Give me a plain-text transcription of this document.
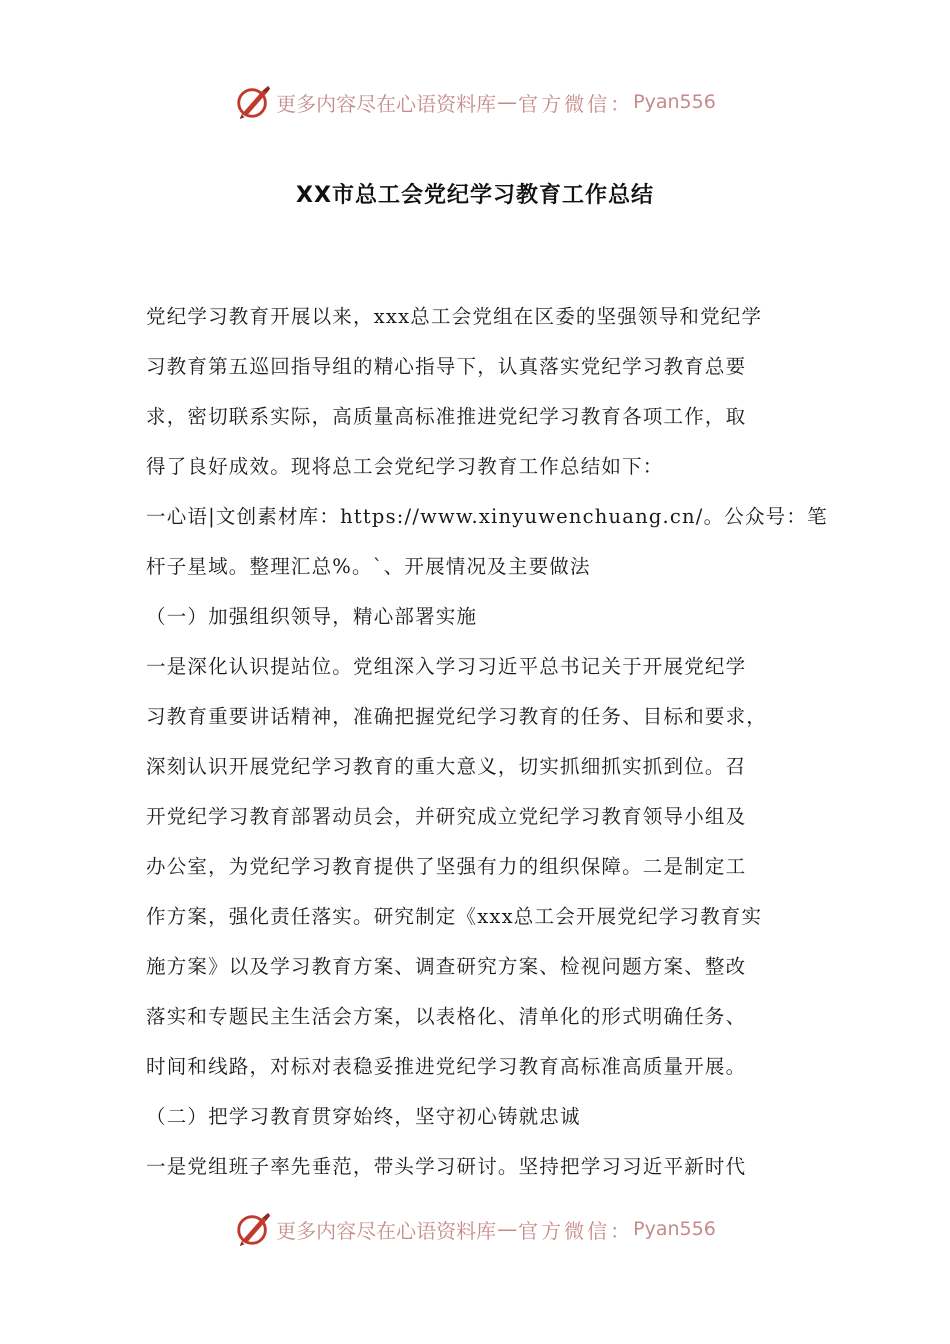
更多内容尽在心语资料库 — 官方微信： Pyan556
XX市总工会党纪学习教育工作总结
党纪学习教育开展以来，xxx总工会党组在区委的坚强领导和党纪学
习教育第五巡回指导组的精心指导下，认真落实党纪学习教育总要
求，密切联系实际，高质量高标准推进党纪学习教育各项工作，取
得了良好成效。现将总工会党纪学习教育工作总结如下：
一心语|文创素材库：https://www.xinyuwenchuang.cn/。公众号：笔
杆子星域。整理汇总%。`、开展情况及主要做法
（一）加强组织领导，精心部署实施
一是深化认识提站位。党组深入学习习近平总书记关于开展党纪学
习教育重要讲话精神，准确把握党纪学习教育的任务、目标和要求，
深刻认识开展党纪学习教育的重大意义，切实抓细抓实抓到位。召
开党纪学习教育部署动员会，并研究成立党纪学习教育领导小组及
办公室，为党纪学习教育提供了坚强有力的组织保障。二是制定工
作方案，强化责任落实。研究制定《xxx总工会开展党纪学习教育实
施方案》以及学习教育方案、调查研究方案、检视问题方案、整改
落实和专题民主生活会方案，以表格化、清单化的形式明确任务、
时间和线路，对标对表稳妥推进党纪学习教育高标准高质量开展。
（二）把学习教育贯穿始终，坚守初心铸就忠诚
一是党组班子率先垂范，带头学习研讨。坚持把学习习近平新时代
更多内容尽在心语资料库 — 官方微信： Pyan556
